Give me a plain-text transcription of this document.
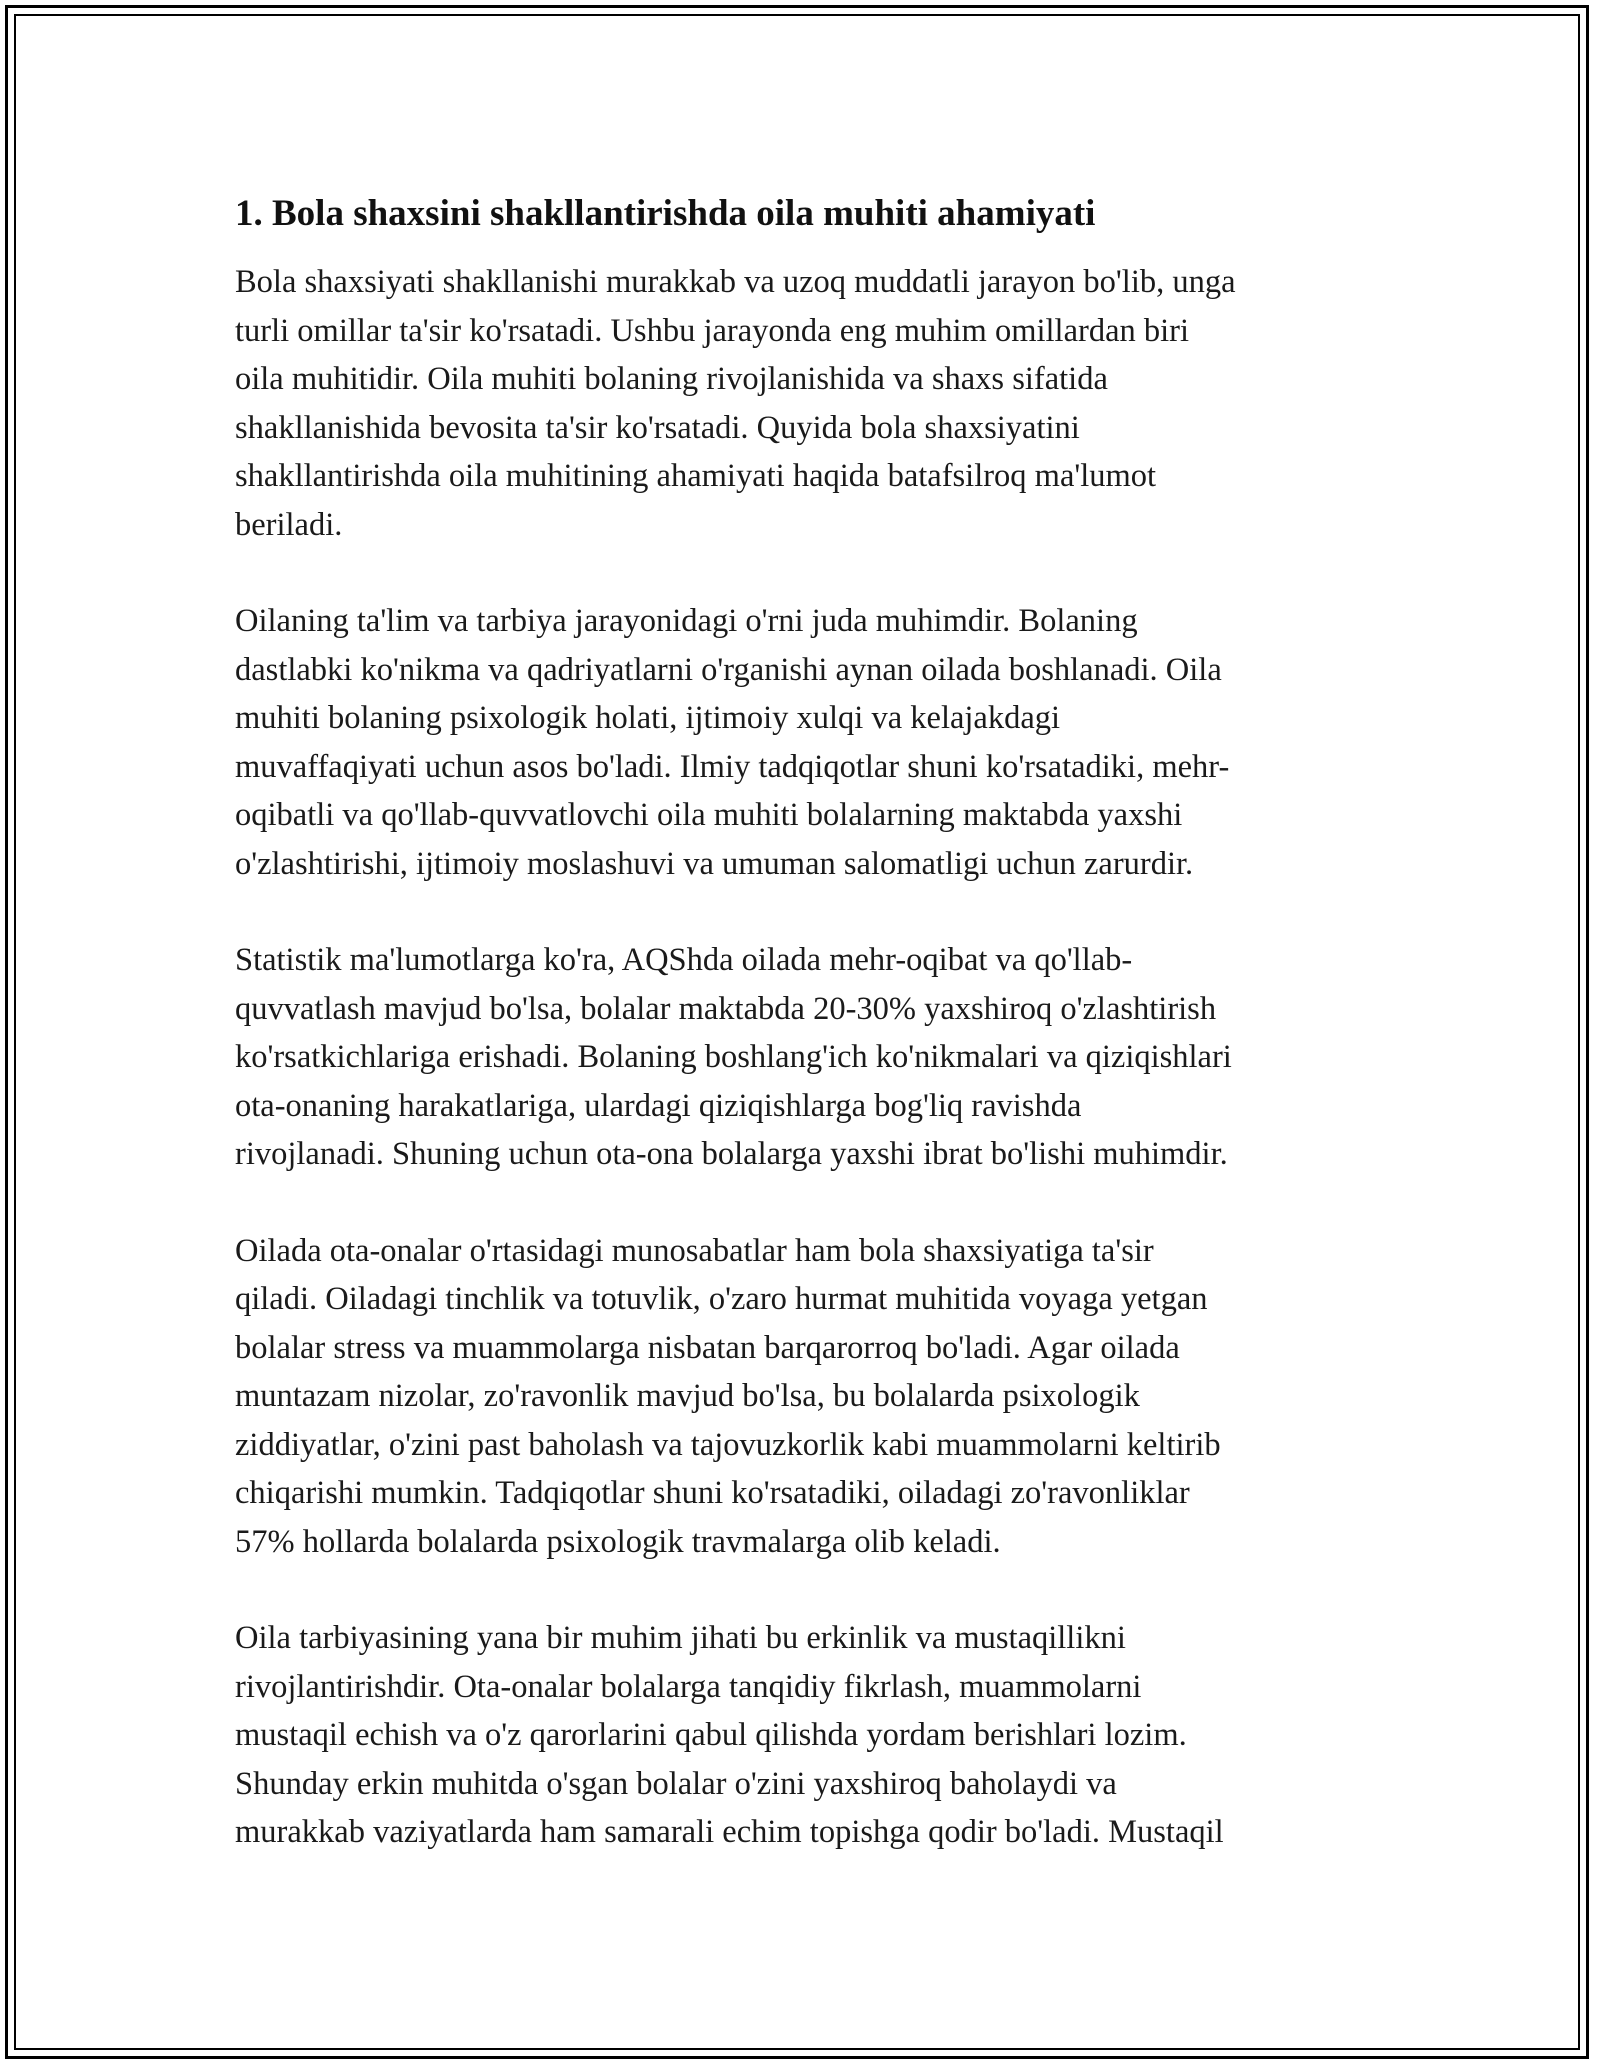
1. Bola shaxsini shakllantirishda oila muhiti ahamiyati

Bola shaxsiyati shakllanishi murakkab va uzoq muddatli jarayon bo'lib, unga
turli omillar ta'sir ko'rsatadi. Ushbu jarayonda eng muhim omillardan biri
oila muhitidir. Oila muhiti bolaning rivojlanishida va shaxs sifatida
shakllanishida bevosita ta'sir ko'rsatadi. Quyida bola shaxsiyatini
shakllantirishda oila muhitining ahamiyati haqida batafsilroq ma'lumot
beriladi.

Oilaning ta'lim va tarbiya jarayonidagi o'rni juda muhimdir. Bolaning
dastlabki ko'nikma va qadriyatlarni o'rganishi aynan oilada boshlanadi. Oila
muhiti bolaning psixologik holati, ijtimoiy xulqi va kelajakdagi
muvaffaqiyati uchun asos bo'ladi. Ilmiy tadqiqotlar shuni ko'rsatadiki, mehr-
oqibatli va qo'llab-quvvatlovchi oila muhiti bolalarning maktabda yaxshi
o'zlashtirishi, ijtimoiy moslashuvi va umuman salomatligi uchun zarurdir.

Statistik ma'lumotlarga ko'ra, AQShda oilada mehr-oqibat va qo'llab-
quvvatlash mavjud bo'lsa, bolalar maktabda 20-30% yaxshiroq o'zlashtirish
ko'rsatkichlariga erishadi. Bolaning boshlang'ich ko'nikmalari va qiziqishlari
ota-onaning harakatlariga, ulardagi qiziqishlarga bog'liq ravishda
rivojlanadi. Shuning uchun ota-ona bolalarga yaxshi ibrat bo'lishi muhimdir.

Oilada ota-onalar o'rtasidagi munosabatlar ham bola shaxsiyatiga ta'sir
qiladi. Oiladagi tinchlik va totuvlik, o'zaro hurmat muhitida voyaga yetgan
bolalar stress va muammolarga nisbatan barqarorroq bo'ladi. Agar oilada
muntazam nizolar, zo'ravonlik mavjud bo'lsa, bu bolalarda psixologik
ziddiyatlar, o'zini past baholash va tajovuzkorlik kabi muammolarni keltirib
chiqarishi mumkin. Tadqiqotlar shuni ko'rsatadiki, oiladagi zo'ravonliklar
57% hollarda bolalarda psixologik travmalarga olib keladi.

Oila tarbiyasining yana bir muhim jihati bu erkinlik va mustaqillikni
rivojlantirishdir. Ota-onalar bolalarga tanqidiy fikrlash, muammolarni
mustaqil echish va o'z qarorlarini qabul qilishda yordam berishlari lozim.
Shunday erkin muhitda o'sgan bolalar o'zini yaxshiroq baholaydi va
murakkab vaziyatlarda ham samarali echim topishga qodir bo'ladi. Mustaqil
